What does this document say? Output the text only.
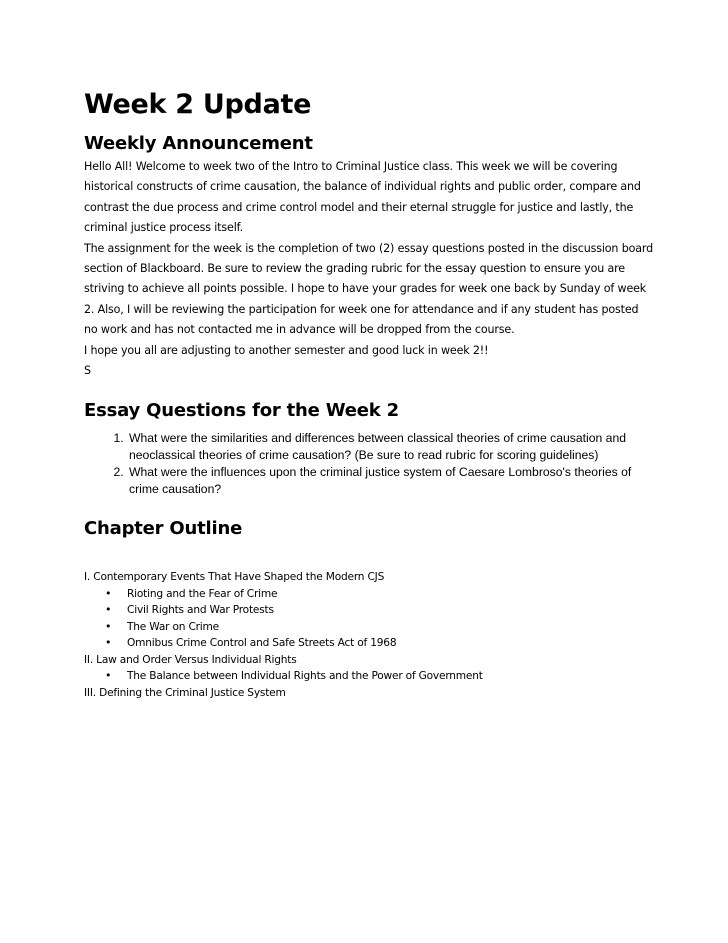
Week 2 Update
Weekly Announcement

Hello All! Welcome to week two of the Intro to Criminal Justice class. This week we will be covering historical constructs of crime causation, the balance of individual rights and public order, compare and contrast the due process and crime control model and their eternal struggle for justice and lastly, the criminal justice process itself.

The assignment for the week is the completion of two (2) essay questions posted in the discussion board section of Blackboard. Be sure to review the grading rubric for the essay question to ensure you are striving to achieve all points possible. I hope to have your grades for week one back by Sunday of week 2. Also, I will be reviewing the participation for week one for attendance and if any student has posted no work and has not contacted me in advance will be dropped from the course.

I hope you all are adjusting to another semester and good luck in week 2!!

S

Essay Questions for the Week 2
1. What were the similarities and differences between classical theories of crime causation and neoclassical theories of crime causation? (Be sure to read rubric for scoring guidelines)
2. What were the influences upon the criminal justice system of Caesare Lombroso's theories of crime causation?
Chapter Outline

I. Contemporary Events That Have Shaped the Modern CJS

• Rioting and the Fear of Crime
• Civil Rights and War Protests
• The War on Crime
• Omnibus Crime Control and Safe Streets Act of 1968

II. Law and Order Versus Individual Rights

• The Balance between Individual Rights and the Power of Government

III. Defining the Criminal Justice System
